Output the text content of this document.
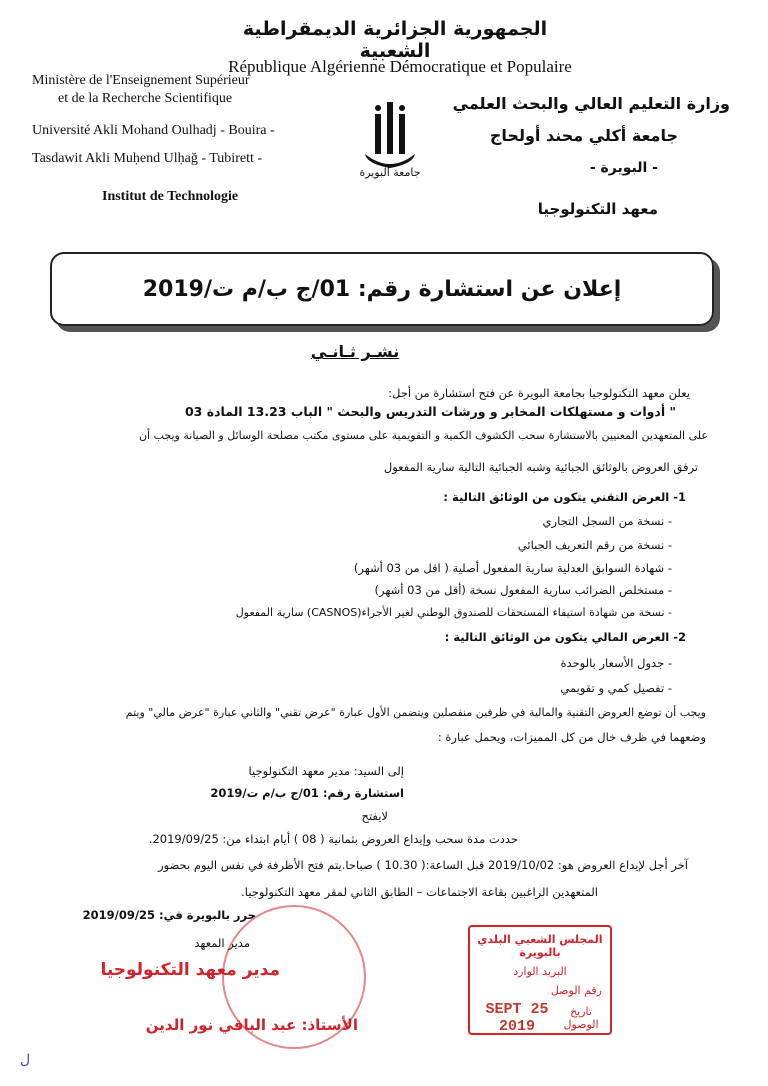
الجمهورية الجزائرية الديمقراطية الشعبية
République Algérienne Démocratique et Populaire
Ministère de l'Enseignement Supérieur
et de la Recherche Scientifique
Université Akli Mohand Oulhadj - Bouira -
Tasdawit Akli Muḥend Ulḥağ - Tubirett -
Institut de Technologie
وزارة التعليم العالي والبحث العلمي
جامعة أكلي محند أولحاج
- البويرة -
معهد التكنولوجيا
جامعة البويرة
إعلان عن استشارة رقم: 01/ج ب/م ت/2019
نشـر ثـانـي
يعلن معهد التكنولوجيا بجامعة البويرة عن فتح استشارة من أجل:
" أدوات و مستهلكات المخابر و ورشات التدريس والبحث " الباب 13.23 المادة 03
على المتعهدين المعنيين بالاستشارة سحب الكشوف الكمية و التقويمية على مستوى مكتب مصلحة الوسائل و الصيانة ويجب أن
ترفق العروض بالوثائق الجبائية وشبه الجبائية التالية سارية المفعول
1- العرض التقني يتكون من الوثائق التالية :
- نسخة من السجل التجاري
- نسخة من رقم التعريف الجبائي
- شهادة السوابق العدلية سارية المفعول أصلية ( اقل من 03 أشهر)
- مستخلص الضرائب سارية المفعول نسخة (أقل من 03 أشهر)
- نسخة من شهادة استيفاء المستحقات للصندوق الوطني لغير الأجراء(CASNOS) سارية المفعول
2- العرض المالي يتكون من الوثائق التالية :
- جدول الأسعار بالوحدة
- تفصيل كمي و تقويمي
ويجب أن توضع العروض التقنية والمالية في ظرفين منفصلين ويتضمن الأول عبارة "عرض تقني" والثاني عبارة "عرض مالي" ويتم
وضعهما في ظرف خال من كل المميزات، ويحمل عبارة :
إلى السيد: مدير معهد التكنولوجيا
استشارة رقم: 01/ج ب/م ت/2019
لايفتح
حددت مدة سحب وإيداع العروض بثمانية ( 08 ) أيام ابتداء من: 2019/09/25.
آخر أجل لإيداع العروض هو: 2019/10/02 قبل الساعة:( 10.30 ) صباحا.يتم فتح الأظرفة في نفس اليوم بحضور
المتعهدين الراغبين بقاعة الاجتماعات – الطابق الثاني لمقر معهد التكنولوجيا.
حرر بالبويرة في: 2019/09/25
مدير المعهد
مدير معهد التكنولوجيا
الأستاذ: عبد الباقي نور الدين
المجلس الشعبي البلدي بالبويرة
البريد الوارد
رقم الوصل
تاريخ الوصول
25 SEPT 2019
ﻝ
